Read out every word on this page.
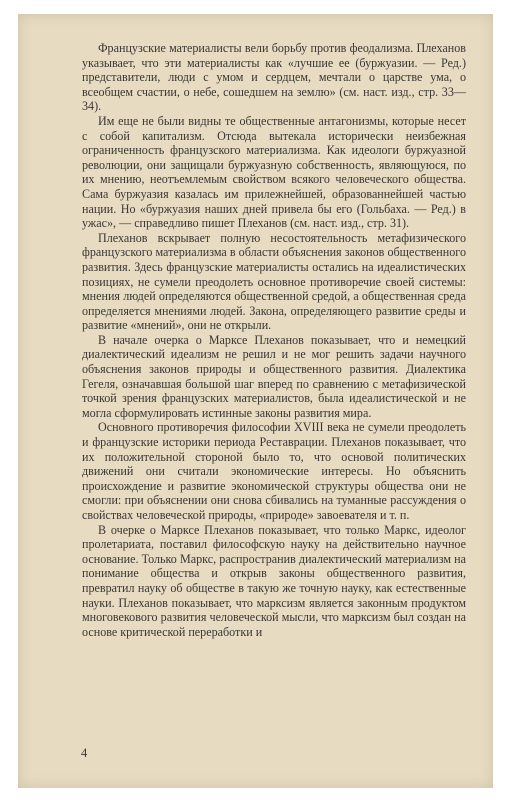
Французские материалисты вели борьбу против феодализма. Плеханов указывает, что эти материалисты как «лучшие ее (буржуазии. — Ред.) представители, люди с умом и сердцем, мечтали о царстве ума, о всеобщем счастии, о небе, сошедшем на землю» (см. наст. изд., стр. 33—34).

Им еще не были видны те общественные антагонизмы, которые несет с собой капитализм. Отсюда вытекала исторически неизбежная ограниченность французского материализма. Как идеологи буржуазной революции, они защищали буржуазную собственность, являющуюся, по их мнению, неотъемлемым свойством всякого человеческого общества. Сама буржуазия казалась им прилежнейшей, образованнейшей частью нации. Но «буржуазия наших дней привела бы его (Гольбаха. — Ред.) в ужас», — справедливо пишет Плеханов (см. наст. изд., стр. 31).

Плеханов вскрывает полную несостоятельность метафизического французского материализма в области объяснения законов общественного развития. Здесь французские материалисты остались на идеалистических позициях, не сумели преодолеть основное противоречие своей системы: мнения людей определяются общественной средой, а общественная среда определяется мнениями людей. Закона, определяющего развитие среды и развитие «мнений», они не открыли.

В начале очерка о Марксе Плеханов показывает, что и немецкий диалектический идеализм не решил и не мог решить задачи научного объяснения законов природы и общественного развития. Диалектика Гегеля, означавшая большой шаг вперед по сравнению с метафизической точкой зрения французских материалистов, была идеалистической и не могла сформулировать истинные законы развития мира.

Основного противоречия философии XVIII века не сумели преодолеть и французские историки периода Реставрации. Плеханов показывает, что их положительной стороной было то, что основой политических движений они считали экономические интересы. Но объяснить происхождение и развитие экономической структуры общества они не смогли: при объяснении они снова сбивались на туманные рассуждения о свойствах человеческой природы, «природе» завоевателя и т. п.

В очерке о Марксе Плеханов показывает, что только Маркс, идеолог пролетариата, поставил философскую науку на действительно научное основание. Только Маркс, распространив диалектический материализм на понимание общества и открыв законы общественного развития, превратил науку об обществе в такую же точную науку, как естественные науки. Плеханов показывает, что марксизм является законным продуктом многовекового развития человеческой мысли, что марксизм был создан на основе критической переработки и

4
